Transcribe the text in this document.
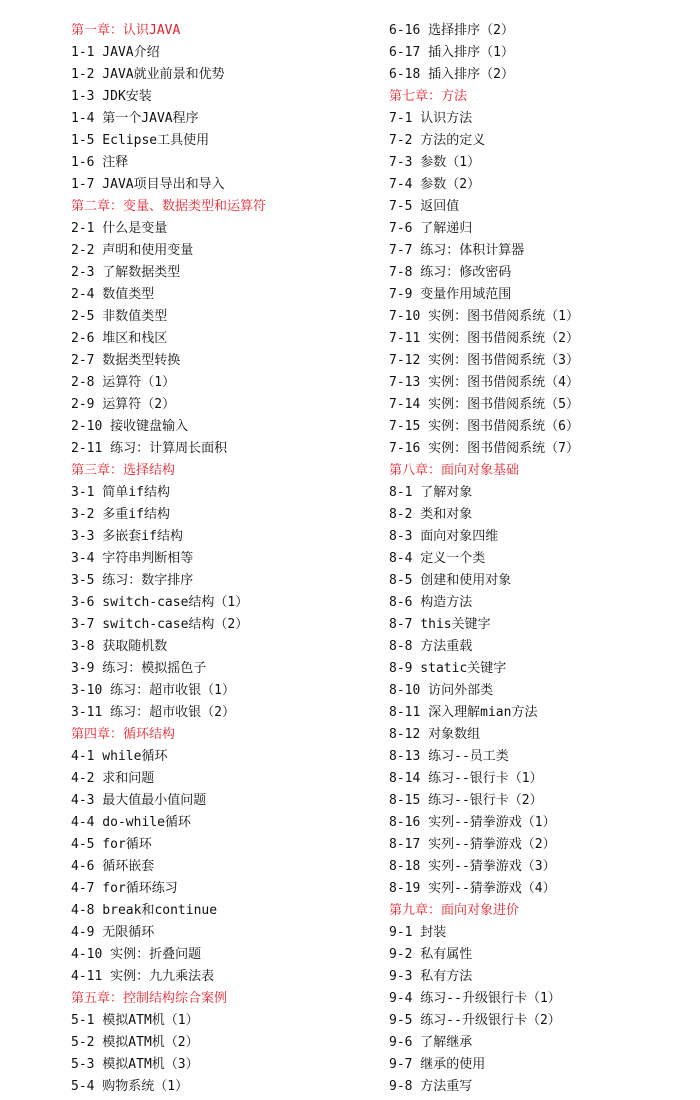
第一章：认识JAVA
1-1 JAVA介绍
1-2 JAVA就业前景和优势
1-3 JDK安装
1-4 第一个JAVA程序
1-5 Eclipse工具使用
1-6 注释
1-7 JAVA项目导出和导入
第二章：变量、数据类型和运算符
2-1 什么是变量
2-2 声明和使用变量
2-3 了解数据类型
2-4 数值类型
2-5 非数值类型
2-6 堆区和栈区
2-7 数据类型转换
2-8 运算符（1）
2-9 运算符（2）
2-10 接收键盘输入
2-11 练习：计算周长面积
第三章：选择结构
3-1 简单if结构
3-2 多重if结构
3-3 多嵌套if结构
3-4 字符串判断相等
3-5 练习：数字排序
3-6 switch-case结构（1）
3-7 switch-case结构（2）
3-8 获取随机数
3-9 练习：模拟摇色子
3-10 练习：超市收银（1）
3-11 练习：超市收银（2）
第四章：循环结构
4-1 while循环
4-2 求和问题
4-3 最大值最小值问题
4-4 do-while循环
4-5 for循环
4-6 循环嵌套
4-7 for循环练习
4-8 break和continue
4-9 无限循环
4-10 实例：折叠问题
4-11 实例：九九乘法表
第五章：控制结构综合案例
5-1 模拟ATM机（1）
5-2 模拟ATM机（2）
5-3 模拟ATM机（3）
5-4 购物系统（1）
6-16 选择排序（2）
6-17 插入排序（1）
6-18 插入排序（2）
第七章：方法
7-1 认识方法
7-2 方法的定义
7-3 参数（1）
7-4 参数（2）
7-5 返回值
7-6 了解递归
7-7 练习：体积计算器
7-8 练习：修改密码
7-9 变量作用域范围
7-10 实例：图书借阅系统（1）
7-11 实例：图书借阅系统（2）
7-12 实例：图书借阅系统（3）
7-13 实例：图书借阅系统（4）
7-14 实例：图书借阅系统（5）
7-15 实例：图书借阅系统（6）
7-16 实例：图书借阅系统（7）
第八章：面向对象基础
8-1 了解对象
8-2 类和对象
8-3 面向对象四维
8-4 定义一个类
8-5 创建和使用对象
8-6 构造方法
8-7 this关键字
8-8 方法重载
8-9 static关键字
8-10 访问外部类
8-11 深入理解mian方法
8-12 对象数组
8-13 练习--员工类
8-14 练习--银行卡（1）
8-15 练习--银行卡（2）
8-16 实列--猜拳游戏（1）
8-17 实列--猜拳游戏（2）
8-18 实列--猜拳游戏（3）
8-19 实列--猜拳游戏（4）
第九章：面向对象进价
9-1 封装
9-2 私有属性
9-3 私有方法
9-4 练习--升级银行卡（1）
9-5 练习--升级银行卡（2）
9-6 了解继承
9-7 继承的使用
9-8 方法重写
